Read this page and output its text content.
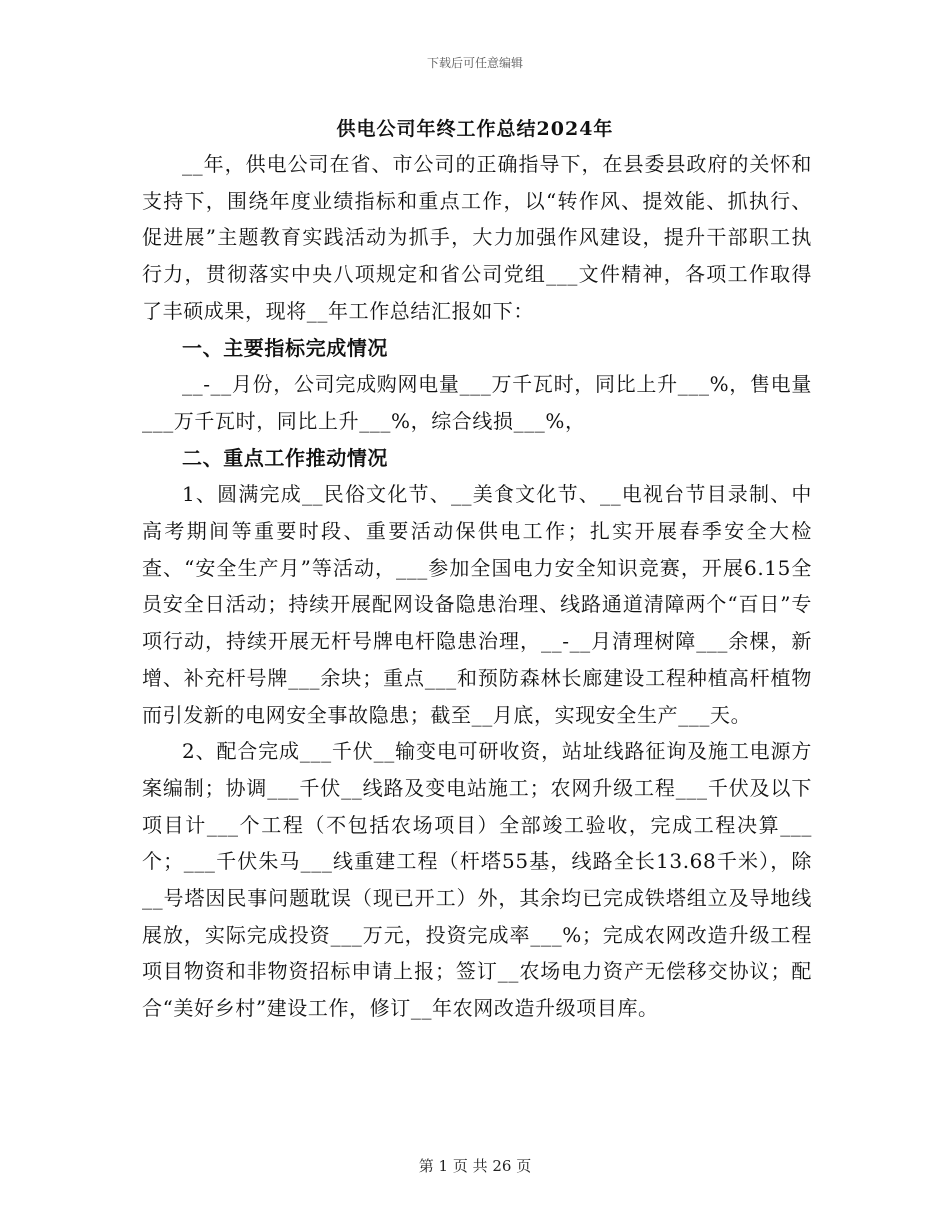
下载后可任意编辑
供电公司年终工作总结2024年

__年，供电公司在省、市公司的正确指导下，在县委县政府的关怀和支持下，围绕年度业绩指标和重点工作，以“转作风、提效能、抓执行、促进展”主题教育实践活动为抓手，大力加强作风建设，提升干部职工执行力，贯彻落实中央八项规定和省公司党组___文件精神，各项工作取得了丰硕成果，现将__年工作总结汇报如下：

一、主要指标完成情况

__-__月份，公司完成购网电量___万千瓦时，同比上升___%，售电量___万千瓦时，同比上升___%，综合线损___%，

二、重点工作推动情况

1、圆满完成__民俗文化节、__美食文化节、__电视台节目录制、中高考期间等重要时段、重要活动保供电工作；扎实开展春季安全大检查、“安全生产月”等活动，___参加全国电力安全知识竞赛，开展6.15全员安全日活动；持续开展配网设备隐患治理、线路通道清障两个“百日”专项行动，持续开展无杆号牌电杆隐患治理，__-__月清理树障___余棵，新增、补充杆号牌___余块；重点___和预防森林长廊建设工程种植高杆植物而引发新的电网安全事故隐患；截至__月底，实现安全生产___天。

2、配合完成___千伏__输变电可研收资，站址线路征询及施工电源方案编制；协调___千伏__线路及变电站施工；农网升级工程___千伏及以下项目计___个工程（不包括农场项目）全部竣工验收，完成工程决算___个；___千伏朱马___线重建工程（杆塔55基，线路全长13.68千米），除__号塔因民事问题耽误（现已开工）外，其余均已完成铁塔组立及导地线展放，实际完成投资___万元，投资完成率___%；完成农网改造升级工程项目物资和非物资招标申请上报；签订__农场电力资产无偿移交协议；配合“美好乡村”建设工作，修订__年农网改造升级项目库。

第 1 页 共 26 页
